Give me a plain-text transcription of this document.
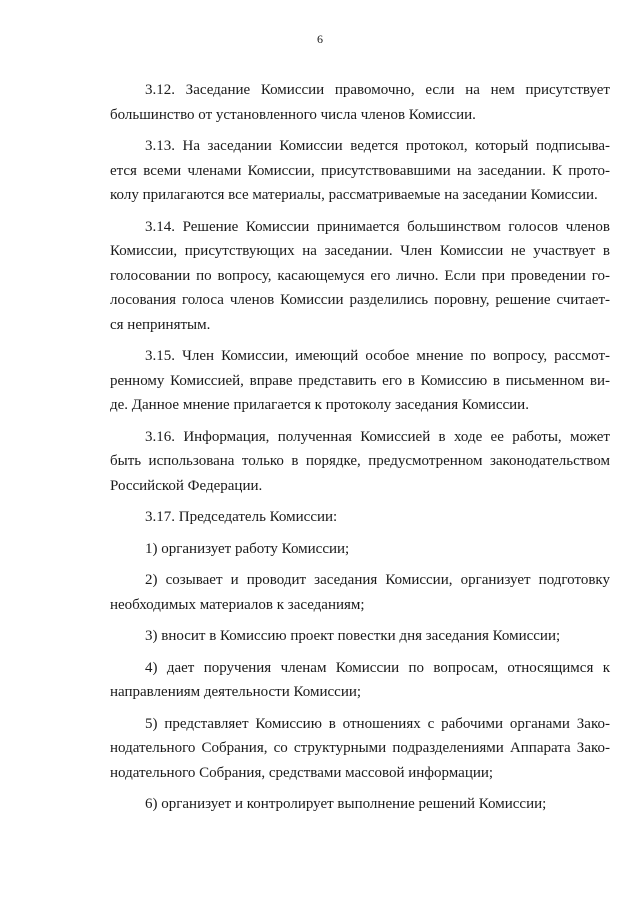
6

3.12. Заседание Комиссии правомочно, если на нем присутствует
большинство от установленного числа членов Комиссии.

3.13. На заседании Комиссии ведется протокол, который подписыва-
ется всеми членами Комиссии, присутствовавшими на заседании. К прото-
колу прилагаются все материалы, рассматриваемые на заседании Комиссии.

3.14. Решение Комиссии принимается большинством голосов членов
Комиссии, присутствующих на заседании. Член Комиссии не участвует в
голосовании по вопросу, касающемуся его лично. Если при проведении го-
лосования голоса членов Комиссии разделились поровну, решение считает-
ся непринятым.

3.15. Член Комиссии, имеющий особое мнение по вопросу, рассмот-
ренному Комиссией, вправе представить его в Комиссию в письменном ви-
де. Данное мнение прилагается к протоколу заседания Комиссии.

3.16. Информация, полученная Комиссией в ходе ее работы, может
быть использована только в порядке, предусмотренном законодательством
Российской Федерации.

3.17. Председатель Комиссии:

1) организует работу Комиссии;

2) созывает и проводит заседания Комиссии, организует подготовку
необходимых материалов к заседаниям;

3) вносит в Комиссию проект повестки дня заседания Комиссии;

4) дает поручения членам Комиссии по вопросам, относящимся к
направлениям деятельности Комиссии;

5) представляет Комиссию в отношениях с рабочими органами Зако-
нодательного Собрания, со структурными подразделениями Аппарата Зако-
нодательного Собрания, средствами массовой информации;

6) организует и контролирует выполнение решений Комиссии;
